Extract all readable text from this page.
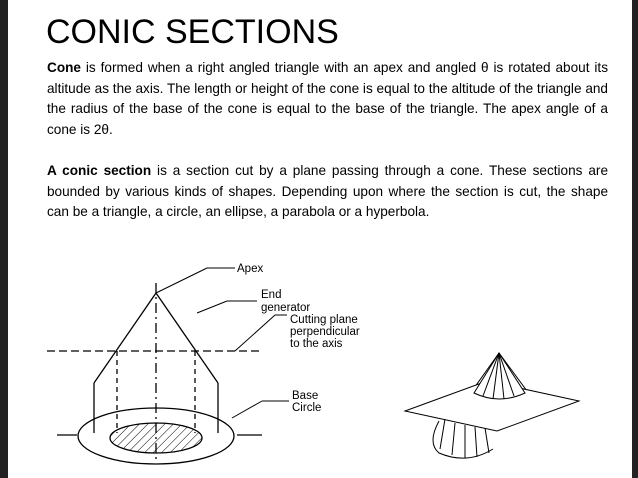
CONIC SECTIONS

Cone is formed when a right angled triangle with an apex and angled θ is rotated about its altitude as the axis. The length or height of the cone is equal to the altitude of the triangle and the radius of the base of the cone is equal to the base of the triangle. The apex angle of a cone is 2θ.

A conic section is a section cut by a plane passing through a cone. These sections are bounded by various kinds of shapes. Depending upon where the section is cut, the shape can be a triangle, a circle, an ellipse, a parabola or a hyperbola.

Apex
End
generator
Cutting plane
perpendicular
to the axis
Base
Circle
